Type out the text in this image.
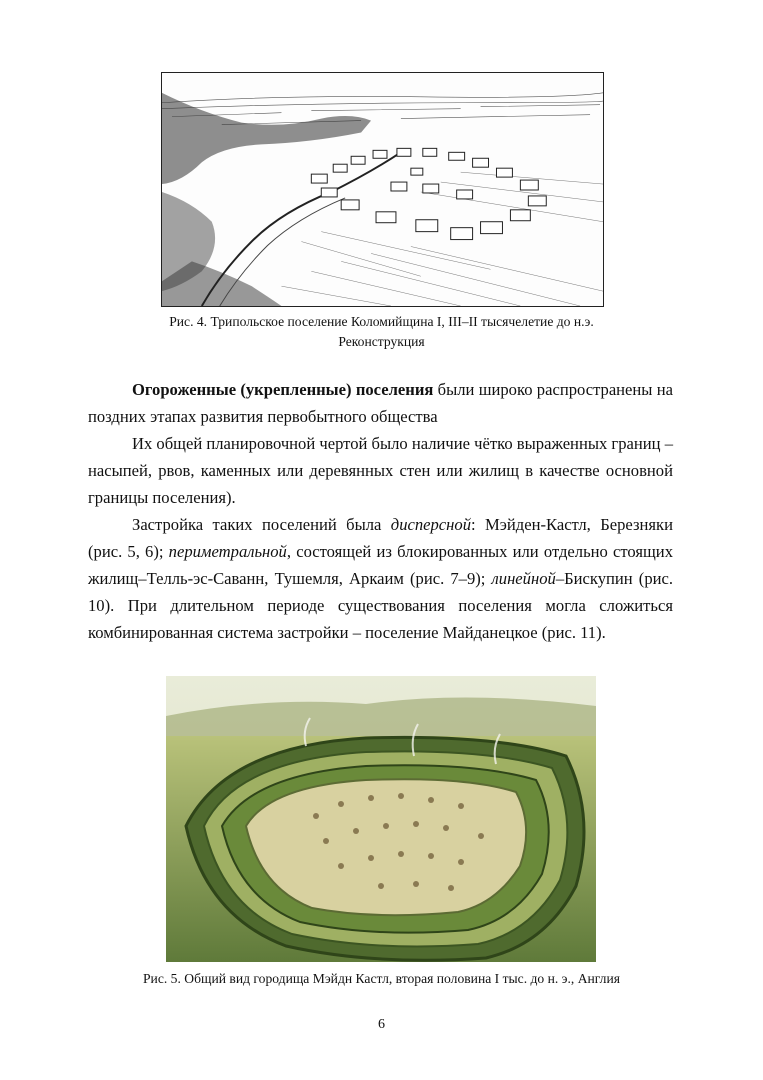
Рис. 4. Трипольское поселение Коломийщина I, III–II тысячелетие до н.э.
Реконструкция

Огороженные (укрепленные) поселения были широко распространены на поздних этапах развития первобытного общества

Их общей планировочной чертой было наличие чётко выраженных границ – насыпей, рвов, каменных или деревянных стен или жилищ в качестве основной границы поселения).

Застройка таких поселений была дисперсной: Мэйден-Кастл, Березняки (рис. 5, 6); периметральной, состоящей из блокированных или отдельно стоящих жилищ–Телль-эс-Саванн, Тушемля, Аркаим (рис. 7–9); линейной–Бискупин (рис. 10). При длительном периоде существования поселения могла сложиться комбинированная система застройки – поселение Майданецкое (рис. 11).

Рис. 5. Общий вид городища Мэйдн Кастл, вторая половина I тыс. до н. э., Англия
6
